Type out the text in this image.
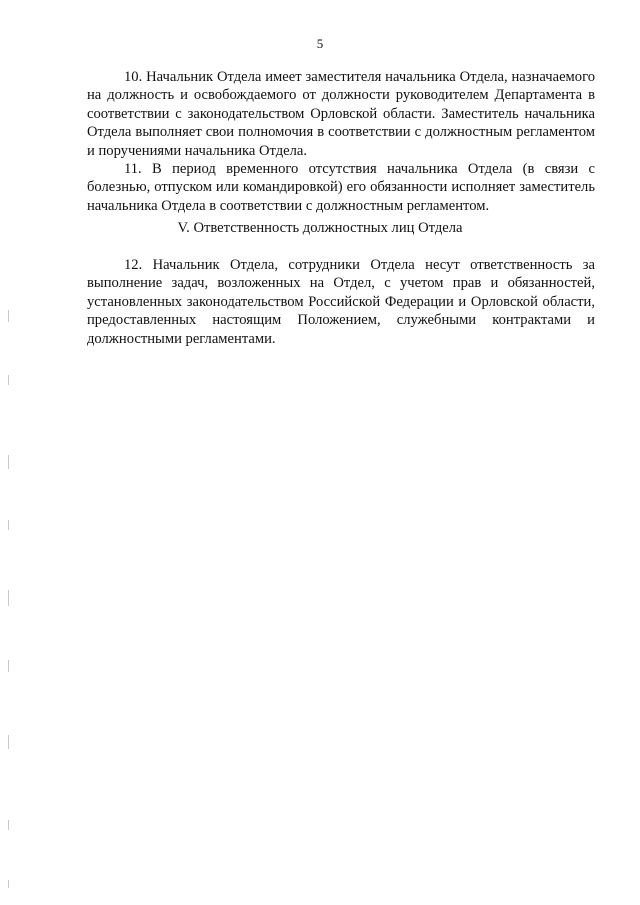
5

10. Начальник Отдела имеет заместителя начальника Отдела, назначаемого на должность и освобождаемого от должности руководителем Департамента в соответствии с законодательством Орловской области. Заместитель начальника Отдела выполняет свои полномочия в соответствии с должностным регламентом и поручениями начальника Отдела.

11. В период временного отсутствия начальника Отдела (в связи с болезнью, отпуском или командировкой) его обязанности исполняет заместитель начальника Отдела в соответствии с должностным регламентом.

V. Ответственность должностных лиц Отдела

12. Начальник Отдела, сотрудники Отдела несут ответственность за выполнение задач, возложенных на Отдел, с учетом прав и обязанностей, установленных законодательством Российской Федерации и Орловской области, предоставленных настоящим Положением, служебными контрактами и должностными регламентами.
